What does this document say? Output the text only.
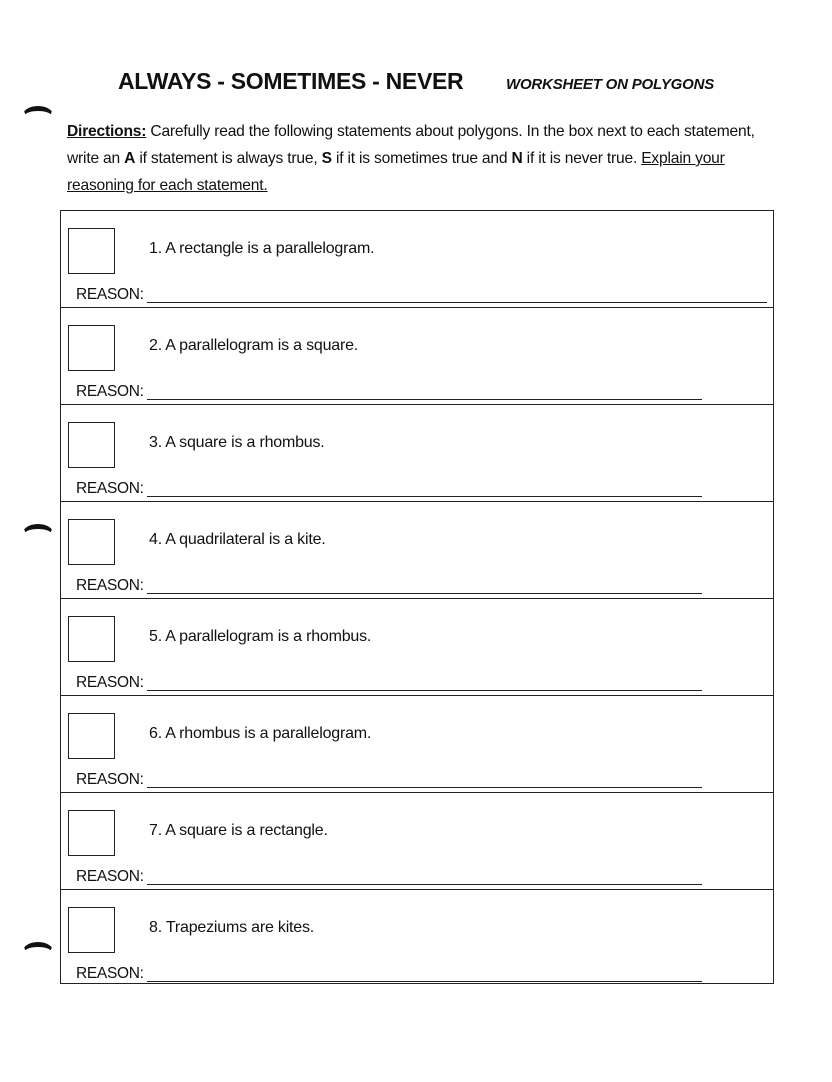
ALWAYS - SOMETIMES - NEVER	WORKSHEET ON POLYGONS
Directions: Carefully read the following statements about polygons. In the box next to each statement, write an A if statement is always true, S if it is sometimes true and N if it is never true. Explain your reasoning for each statement.
1. A rectangle is a parallelogram.
REASON:
2. A parallelogram is a square.
REASON:
3. A square is a rhombus.
REASON:
4. A quadrilateral is a kite.
REASON:
5. A parallelogram is a rhombus.
REASON:
6. A rhombus is a parallelogram.
REASON:
7. A square is a rectangle.
REASON:
8. Trapeziums are kites.
REASON:
